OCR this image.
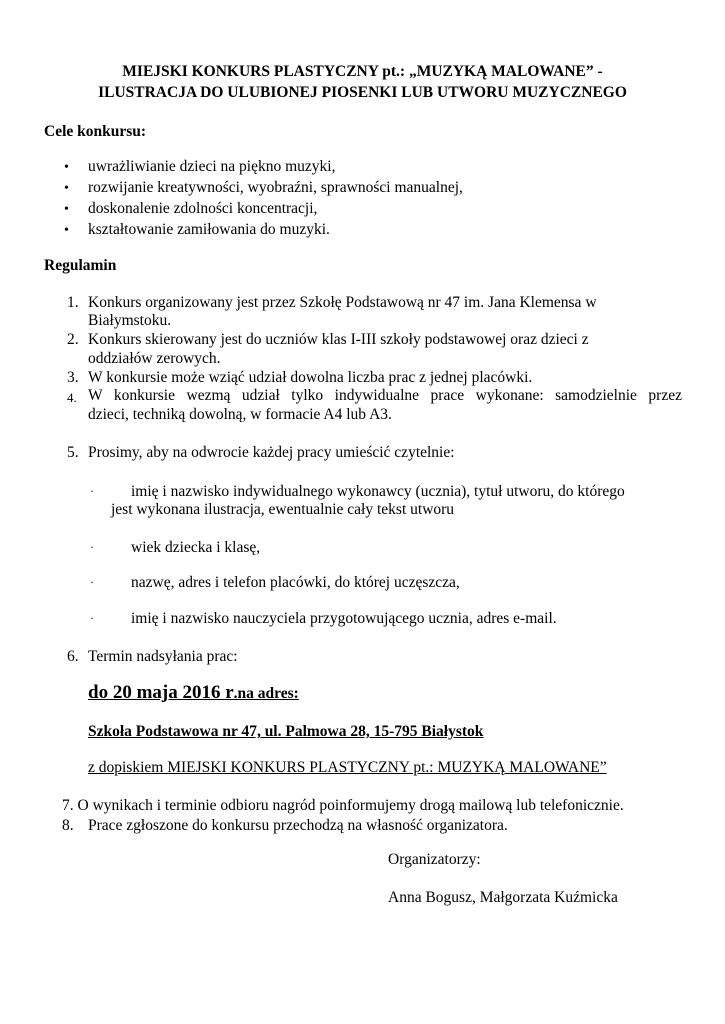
MIEJSKI KONKURS PLASTYCZNY pt.: „MUZYKĄ MALOWANE” -
ILUSTRACJA DO ULUBIONEJ PIOSENKI LUB UTWORU MUZYCZNEGO
Cele konkursu:
• uwrażliwianie dzieci na piękno muzyki,
• rozwijanie kreatywności, wyobraźni, sprawności manualnej,
• doskonalenie zdolności koncentracji,
• kształtowanie zamiłowania do muzyki.
Regulamin
1. Konkurs organizowany jest przez Szkołę Podstawową nr 47 im. Jana Klemensa w
Białymstoku.
2. Konkurs skierowany jest do uczniów klas I-III szkoły podstawowej oraz dzieci z
oddziałów zerowych.
3. W konkursie może wziąć udział dowolna liczba prac z jednej placówki.
4. W konkursie wezmą udział tylko indywidualne prace wykonane: samodzielnie przez
dzieci, techniką dowolną, w formacie A4 lub A3.
5. Prosimy, aby na odwrocie każdej pracy umieścić czytelnie:
· imię i nazwisko indywidualnego wykonawcy (ucznia), tytuł utworu, do którego
jest wykonana ilustracja, ewentualnie cały tekst utworu
· wiek dziecka i klasę,
· nazwę, adres i telefon placówki, do której uczęszcza,
· imię i nazwisko nauczyciela przygotowującego ucznia, adres e-mail.
6. Termin nadsyłania prac:
do 20 maja 2016 r.na adres:
Szkoła Podstawowa nr 47, ul. Palmowa 28, 15-795 Białystok
z dopiskiem MIEJSKI KONKURS PLASTYCZNY pt.: MUZYKĄ MALOWANE”
7. O wynikach i terminie odbioru nagród poinformujemy drogą mailową lub telefonicznie.
8. Prace zgłoszone do konkursu przechodzą na własność organizatora.
Organizatorzy:
Anna Bogusz, Małgorzata Kuźmicka
